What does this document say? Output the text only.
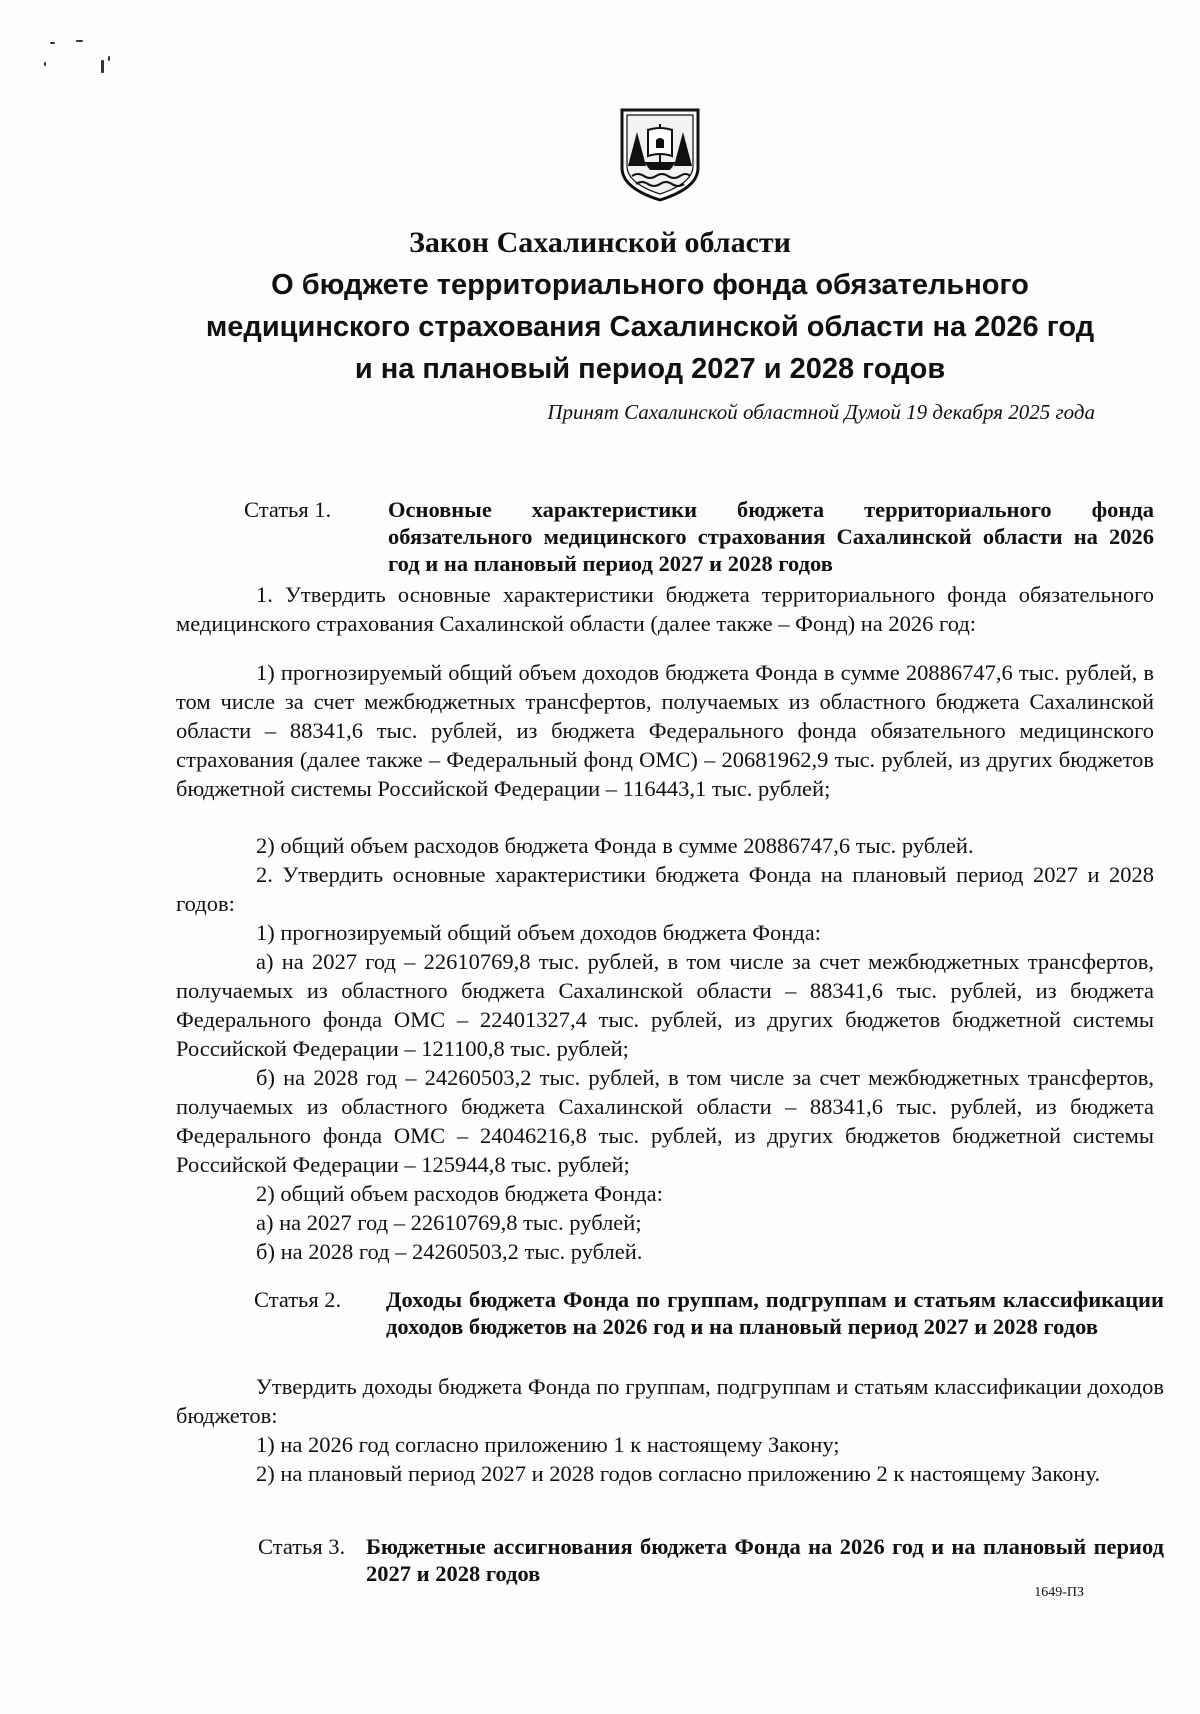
Закон Сахалинской области
О бюджете территориального фонда обязательного медицинского страхования Сахалинской области на 2026 год и на плановый период 2027 и 2028 годов
Принят Сахалинской областной Думой 19 декабря 2025 года
Статья 1.	Основные характеристики бюджета территориального фонда обязательного медицинского страхования Сахалинской области на 2026 год и на плановый период 2027 и 2028 годов
1. Утвердить основные характеристики бюджета территориального фонда обязательного медицинского страхования Сахалинской области (далее также – Фонд) на 2026 год:
1) прогнозируемый общий объем доходов бюджета Фонда в сумме 20886747,6 тыс. рублей, в том числе за счет межбюджетных трансфертов, получаемых из областного бюджета Сахалинской области – 88341,6 тыс. рублей, из бюджета Федерального фонда обязательного медицинского страхования (далее также – Федеральный фонд ОМС) – 20681962,9 тыс. рублей, из других бюджетов бюджетной системы Российской Федерации – 116443,1 тыс. рублей;
2) общий объем расходов бюджета Фонда в сумме 20886747,6 тыс. рублей.
2. Утвердить основные характеристики бюджета Фонда на плановый период 2027 и 2028 годов:
1) прогнозируемый общий объем доходов бюджета Фонда:
а) на 2027 год – 22610769,8 тыс. рублей, в том числе за счет межбюджетных трансфертов, получаемых из областного бюджета Сахалинской области – 88341,6 тыс. рублей, из бюджета Федерального фонда ОМС – 22401327,4 тыс. рублей, из других бюджетов бюджетной системы Российской Федерации – 121100,8 тыс. рублей;
б) на 2028 год – 24260503,2 тыс. рублей, в том числе за счет межбюджетных трансфертов, получаемых из областного бюджета Сахалинской области – 88341,6 тыс. рублей, из бюджета Федерального фонда ОМС – 24046216,8 тыс. рублей, из других бюджетов бюджетной системы Российской Федерации – 125944,8 тыс. рублей;
2) общий объем расходов бюджета Фонда:
а) на 2027 год – 22610769,8 тыс. рублей;
б) на 2028 год – 24260503,2 тыс. рублей.
Статья 2. Доходы бюджета Фонда по группам, подгруппам и статьям классификации доходов бюджетов на 2026 год и на плановый период 2027 и 2028 годов
Утвердить доходы бюджета Фонда по группам, подгруппам и статьям классификации доходов бюджетов:
1) на 2026 год согласно приложению 1 к настоящему Закону;
2) на плановый период 2027 и 2028 годов согласно приложению 2 к настоящему Закону.
Статья 3. Бюджетные ассигнования бюджета Фонда на 2026 год и на плановый период 2027 и 2028 годов
1649-ПЗ
